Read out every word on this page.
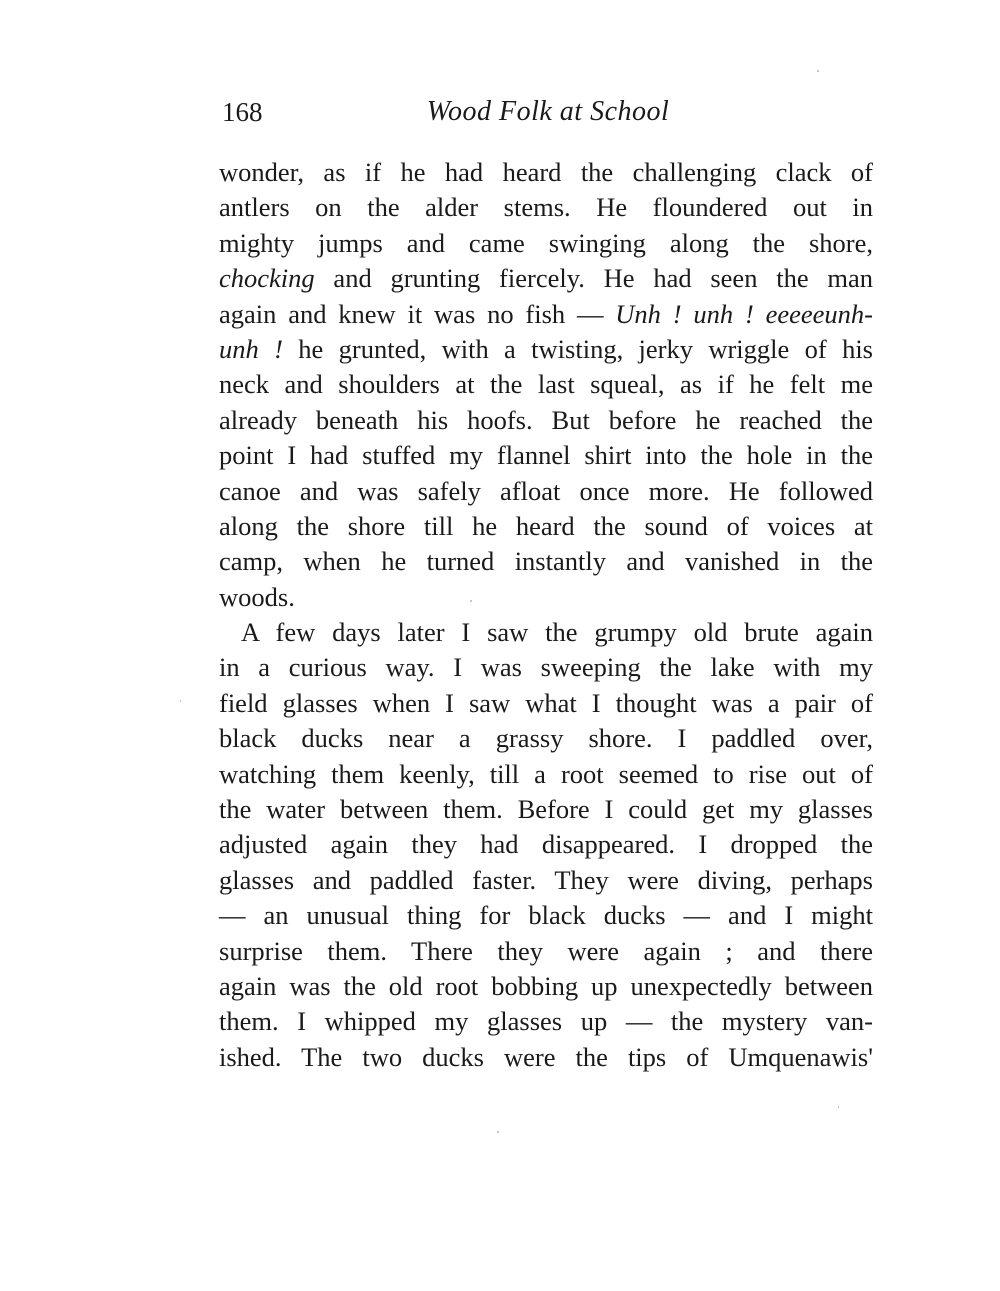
168	Wood Folk at School
wonder, as if he had heard the challenging clack of
antlers on the alder stems. He floundered out in
mighty jumps and came swinging along the shore,
chocking and grunting fiercely. He had seen the man
again and knew it was no fish — Unh ! unh ! eeeeeunh-
unh ! he grunted, with a twisting, jerky wriggle of his
neck and shoulders at the last squeal, as if he felt me
already beneath his hoofs. But before he reached the
point I had stuffed my flannel shirt into the hole in the
canoe and was safely afloat once more. He followed
along the shore till he heard the sound of voices at
camp, when he turned instantly and vanished in the
woods.
A few days later I saw the grumpy old brute again
in a curious way. I was sweeping the lake with my
field glasses when I saw what I thought was a pair of
black ducks near a grassy shore. I paddled over,
watching them keenly, till a root seemed to rise out of
the water between them. Before I could get my glasses
adjusted again they had disappeared. I dropped the
glasses and paddled faster. They were diving, perhaps
— an unusual thing for black ducks — and I might
surprise them. There they were again ; and there
again was the old root bobbing up unexpectedly between
them. I whipped my glasses up — the mystery van-
ished. The two ducks were the tips of Umquenawis'
